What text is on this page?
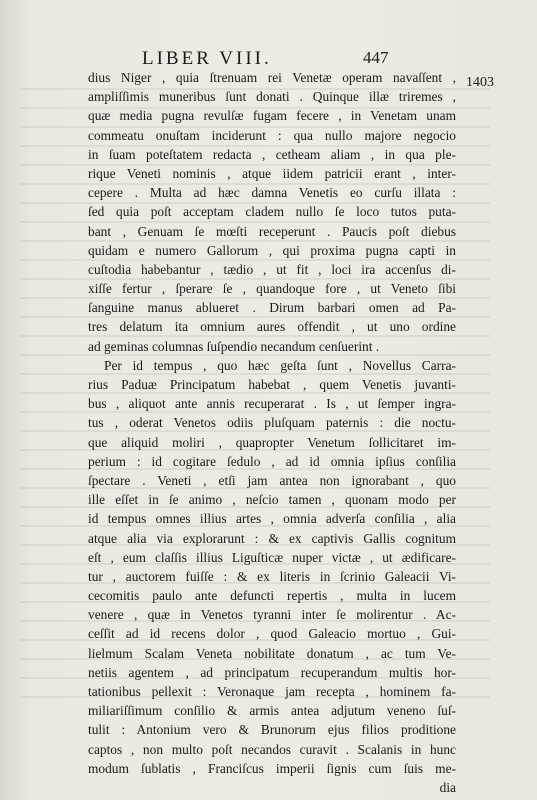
LIBER VIII.	447
1403
dius Niger , quia ſtrenuam rei Venetæ operam navaſſent ,
ampliſſimis muneribus ſunt donati . Quinque illæ triremes ,
quæ media pugna revulſæ fugam fecere , in Venetam unam
commeatu onuſtam inciderunt : qua nullo majore negocio
in ſuam poteſtatem redacta , cetheam aliam , in qua ple-
rique Veneti nominis , atque iidem patricii erant , inter-
cepere . Multa ad hæc damna Venetis eo curſu illata :
ſed quia poſt acceptam cladem nullo ſe loco tutos puta-
bant , Genuam ſe mœſti receperunt . Paucis poſt diebus
quidam e numero Gallorum , qui proxima pugna capti in
cuſtodia habebantur , tædio , ut fit , loci ira accenſus di-
xiſſe fertur , ſperare ſe , quandoque fore , ut Veneto ſibi
ſanguine manus ablueret . Dirum barbari omen ad Pa-
tres delatum ita omnium aures offendit , ut uno ordine
ad geminas columnas ſuſpendio necandum cenſuerint .
Per id tempus , quo hæc geſta ſunt , Novellus Carra-
rius Paduæ Principatum habebat , quem Venetis juvanti-
bus , aliquot ante annis recuperarat . Is , ut ſemper ingra-
tus , oderat Venetos odiis pluſquam paternis : die noctu-
que aliquid moliri , quapropter Venetum ſollicitaret im-
perium : id cogitare ſedulo , ad id omnia ipſius conſilia
ſpectare . Veneti , etſi jam antea non ignorabant , quo
ille eſſet in ſe animo , neſcio tamen , quonam modo per
id tempus omnes illius artes , omnia adverſa conſilia , alia
atque alia via explorarunt : & ex captivis Gallis cognitum
eſt , eum claſſis illius Liguſticæ nuper victæ , ut ædificare-
tur , auctorem fuiſſe : & ex literis in ſcrinio Galeacii Vi-
cecomitis paulo ante defuncti repertis , multa in lucem
venere , quæ in Venetos tyranni inter ſe molirentur . Ac-
ceſſit ad id recens dolor , quod Galeacio mortuo , Gui-
lielmum Scalam Veneta nobilitate donatum , ac tum Ve-
netiis agentem , ad principatum recuperandum multis hor-
tationibus pellexit : Veronaque jam recepta , hominem fa-
miliariſſimum conſilio & armis antea adjutum veneno ſuſ-
tulit : Antonium vero & Brunorum ejus filios proditione
captos , non multo poſt necandos curavit . Scalanis in hunc
modum ſublatis , Franciſcus imperii ſignis cum ſuis me-
dia
